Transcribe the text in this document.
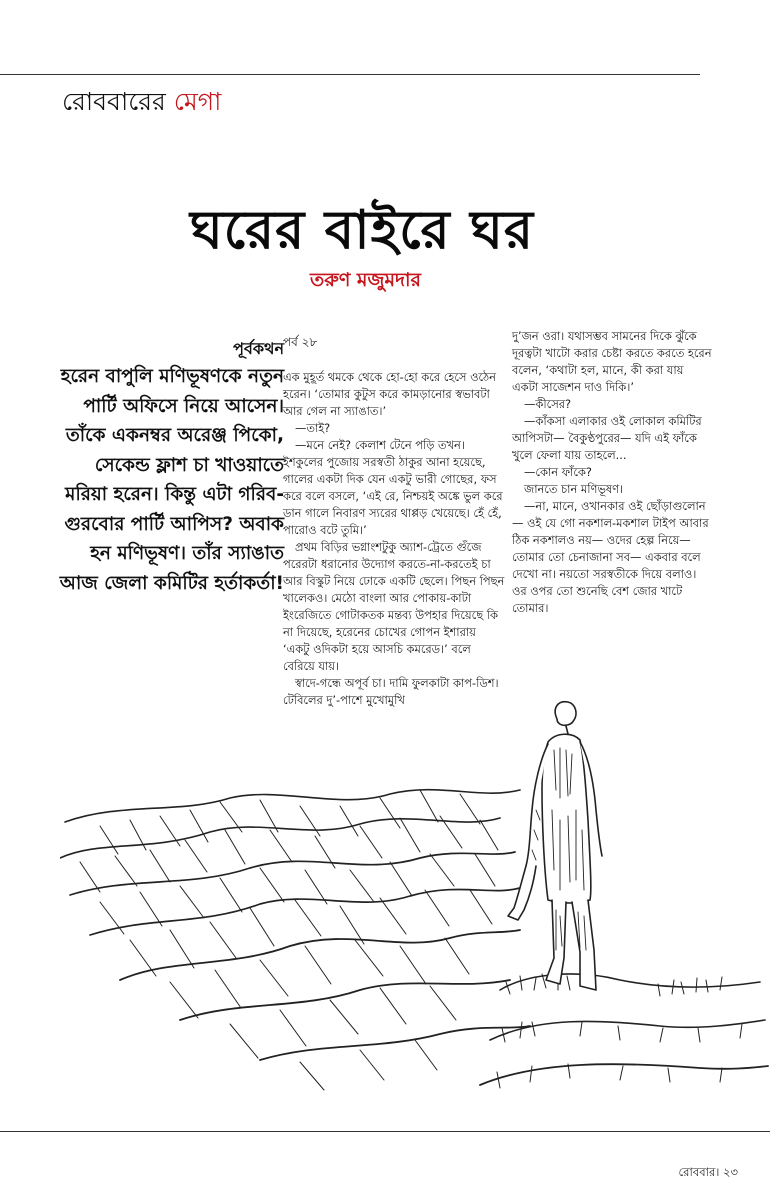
রোববারের মেগা
ঘরের বাইরে ঘর
তরুণ মজুমদার
পূর্বকথন
হরেন বাপুলি মণিভূষণকে নতুন পার্টি অফিসে নিয়ে আসেন। তাঁকে একনম্বর অরেঞ্জ পিকো, সেকেন্ড ফ্লাশ চা খাওয়াতে মরিয়া হরেন। কিন্তু এটা গরিব-গুরবোর পার্টি আপিস? অবাক হন মণিভূষণ। তাঁর স্যাঙাত আজ জেলা কমিটির হর্তাকর্তা!

পর্ব ২৮

এক মুহূর্ত থমকে থেকে হো-হো করে হেসে ওঠেন হরেন। ‘তোমার কুটুস করে কামড়ানোর স্বভাবটা আর গেল না স্যাঙাত।’

—তাই?

—মনে নেই? কেলাশ টেনে পড়ি তখন। ইশকুলের পুজোয় সরস্বতী ঠাকুর আনা হয়েছে, গালের একটা দিক যেন একটু ভারী গোছের, ফস করে বলে বসলে, ‘এই রে, নিশ্চয়ই অঙ্কে ভুল করে ডান গালে নিবারণ স্যরের থাপ্পড় খেয়েছে। হেঁ হেঁ, পারোও বটে তুমি।’

প্রথম বিড়ির ভগ্নাংশটুকু অ্যাশ-ট্রেতে গুঁজে পরেরটা ধরানোর উদ্যোগ করতে-না-করতেই চা আর বিস্কুট নিয়ে ঢোকে একটি ছেলে। পিছন পিছন খালেকও। মেঠো বাংলা আর পোকায়-কাটা ইংরেজিতে গোটাকতক মন্তব্য উপহার দিয়েছে কি না দিয়েছে, হরেনের চোখের গোপন ইশারায় ‘একটু ওদিকটা হয়ে আসচি কমরেড।’ বলে বেরিয়ে যায়।

স্বাদে-গন্ধে অপূর্ব চা। দামি ফুলকাটা কাপ-ডিশ। টেবিলের দু’-পাশে মুখোমুখি

দু’জন ওরা। যথাসম্ভব সামনের দিকে ঝুঁকে দূরত্বটা খাটো করার চেষ্টা করতে করতে হরেন বলেন, ‘কথাটা হল, মানে, কী করা যায় একটা সাজেশন দাও দিকি।’

—কীসের?

—কাঁকসা এলাকার ওই লোকাল কমিটির আপিসটা— বৈকুণ্ঠপুরের— যদি এই ফাঁকে খুলে ফেলা যায় তাহলে...

—কোন ফাঁকে?

জানতে চান মণিভূষণ।

—না, মানে, ওখানকার ওই ছোঁড়াগুলোন— ওই যে গো নকশাল-মকশাল টাইপ আবার ঠিক নকশালও নয়— ওদের হেল্প নিয়ে— তোমার তো চেনাজানা সব— একবার বলে দেখো না। নয়তো সরস্বতীকে দিয়ে বলাও। ওর ওপর তো শুনেছি বেশ জোর খাটে তোমার।

রোববার। ২৩
